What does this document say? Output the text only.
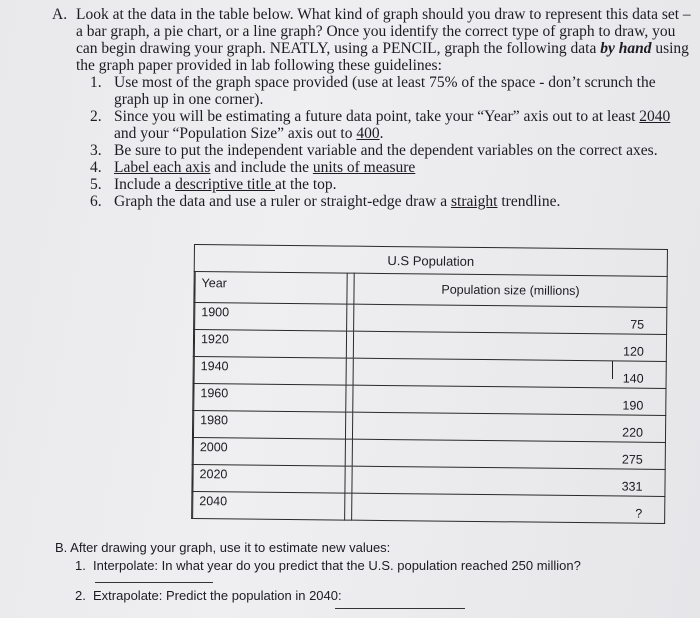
A. Look at the data in the table below. What kind of graph should you draw to represent this data set – a bar graph, a pie chart, or a line graph? Once you identify the correct type of graph to draw, you can begin drawing your graph. NEATLY, using a PENCIL, graph the following data by hand using the graph paper provided in lab following these guidelines:

1. Use most of the graph space provided (use at least 75% of the space - don’t scrunch the graph up in one corner).
2. Since you will be estimating a future data point, take your “Year” axis out to at least 2040 and your “Population Size” axis out to 400.
3. Be sure to put the independent variable and the dependent variables on the correct axes.
4. Label each axis and include the units of measure
5. Include a descriptive title at the top.
6. Graph the data and use a ruler or straight-edge draw a straight trendline.
U.S Population		
	Year		Population size (millions)

	1900		75

	1920		120

	1940		140

	1960		190

	1980		220

	2000		275

	2020		331

	2040		?

B. After drawing your graph, use it to estimate new values:

1. Interpolate: In what year do you predict that the U.S. population reached 250 million?

2. Extrapolate: Predict the population in 2040:
